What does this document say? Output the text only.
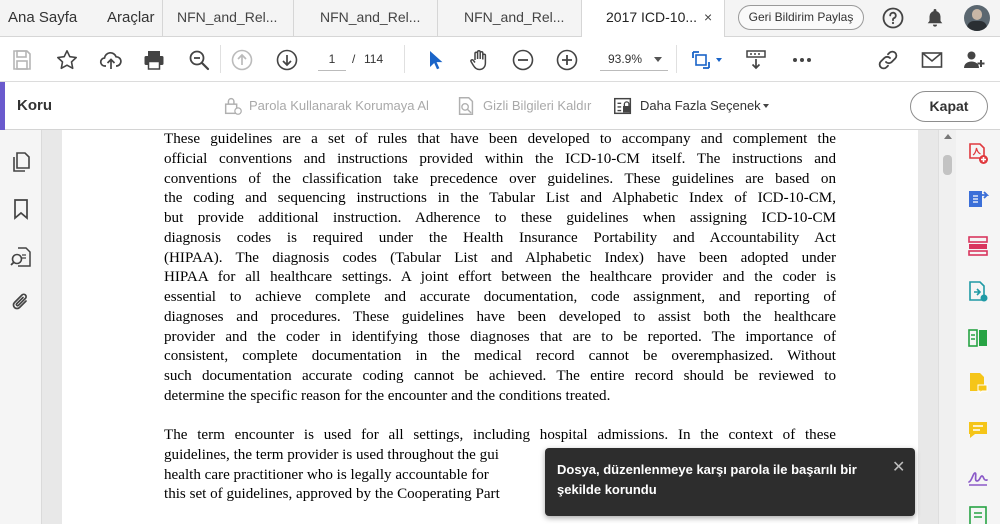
Ana Sayfa Araçlar	NFN_and_Rel...	NFN_and_Rel...	NFN_and_Rel...	2017 ICD-10... ×	Geri Bildirim Paylaş
1	/ 114	93.9%
Koru	Parola Kullanarak Korumaya Al	Gizli Bilgileri Kaldır	Daha Fazla Seçenek	Kapat
These guidelines are a set of rules that have been developed to accompany and complement the
official conventions and instructions provided within the ICD-10-CM itself. The instructions and
conventions of the classification take precedence over guidelines. These guidelines are based on
the coding and sequencing instructions in the Tabular List and Alphabetic Index of ICD-10-CM,
but provide additional instruction. Adherence to these guidelines when assigning ICD-10-CM
diagnosis codes is required under the Health Insurance Portability and Accountability Act
(HIPAA). The diagnosis codes (Tabular List and Alphabetic Index) have been adopted under
HIPAA for all healthcare settings. A joint effort between the healthcare provider and the coder is
essential to achieve complete and accurate documentation, code assignment, and reporting of
diagnoses and procedures. These guidelines have been developed to assist both the healthcare
provider and the coder in identifying those diagnoses that are to be reported. The importance of
consistent, complete documentation in the medical record cannot be overemphasized. Without
such documentation accurate coding cannot be achieved. The entire record should be reviewed to
determine the specific reason for the encounter and the conditions treated.
The term encounter is used for all settings, including hospital admissions. In the context of these
guidelines, the term provider is used throughout the gui
health care practitioner who is legally accountable for
this set of guidelines, approved by the Cooperating Part
Dosya, düzenlenmeye karşı parola ile başarılı bir şekilde korundu
✕
